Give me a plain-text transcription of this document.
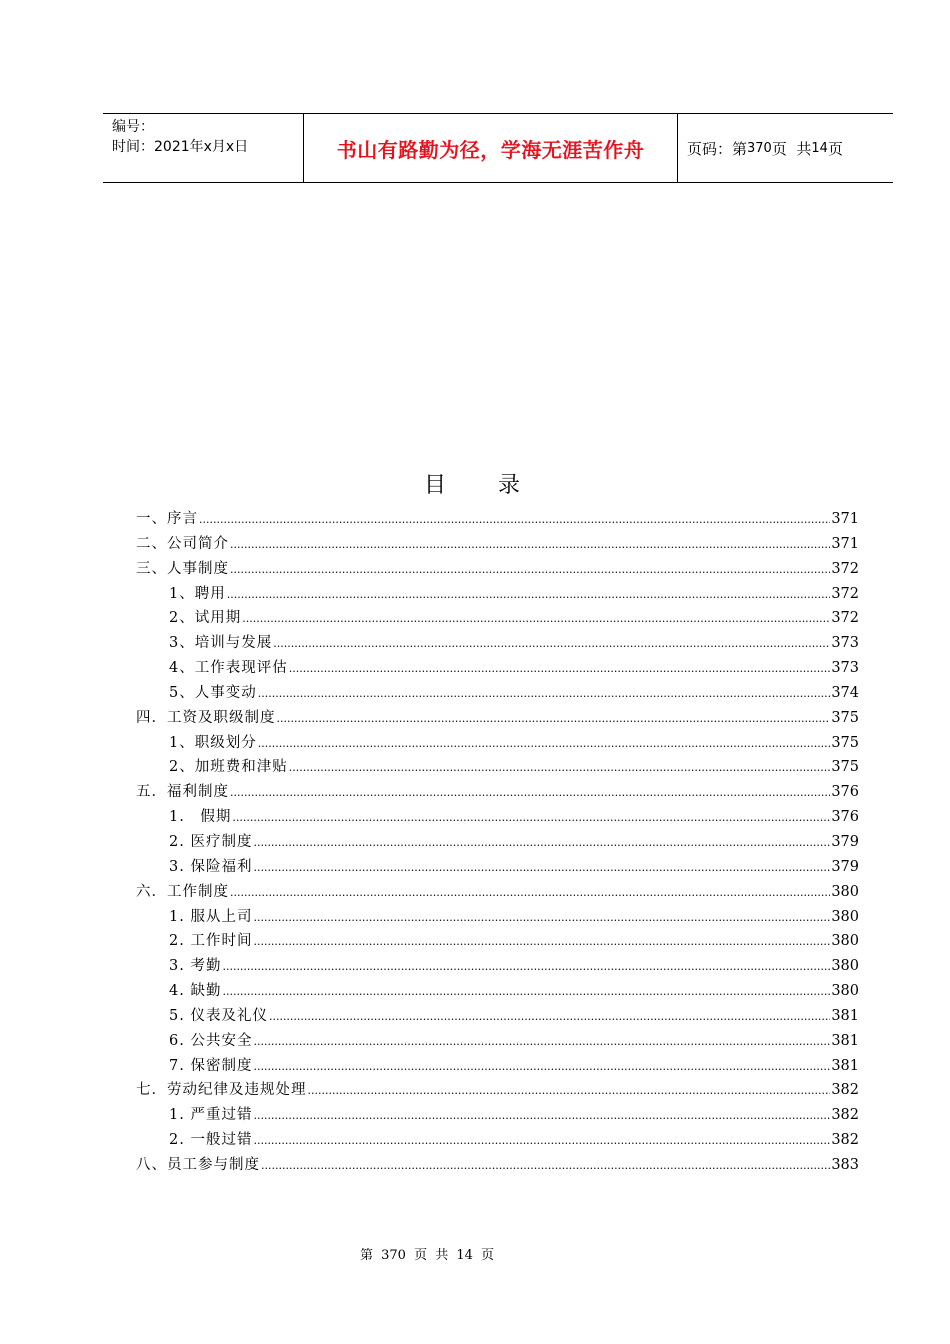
编号：
时间：2021年x月x日	书山有路勤为径，学海无涯苦作舟	页码：第 370 页  共 14 页
目录
一、序言 .....	371
二、公司简介 .....	371
三、人事制度 .....	372
1、聘用 .....	372
2、试用期 .....	372
3、培训与发展 .....	373
4、工作表现评估 .....	373
5、人事变动 .....	374
四．工资及职级制度 .....	375
1、职级划分 .....	375
2、加班费和津贴 .....	375
五．福利制度 .....	376
1.　假期 .....	376
2. 医疗制度 .....	379
3. 保险福利 .....	379
六．工作制度 .....	380
1. 服从上司 .....	380
2. 工作时间 .....	380
3. 考勤 .....	380
4. 缺勤 .....	380
5. 仪表及礼仪 .....	381
6. 公共安全 .....	381
7. 保密制度 .....	381
七．劳动纪律及违规处理 .....	382
1. 严重过错 .....	382
2. 一般过错 .....	382
八、员工参与制度 .....	383
第 370 页 共 14 页
